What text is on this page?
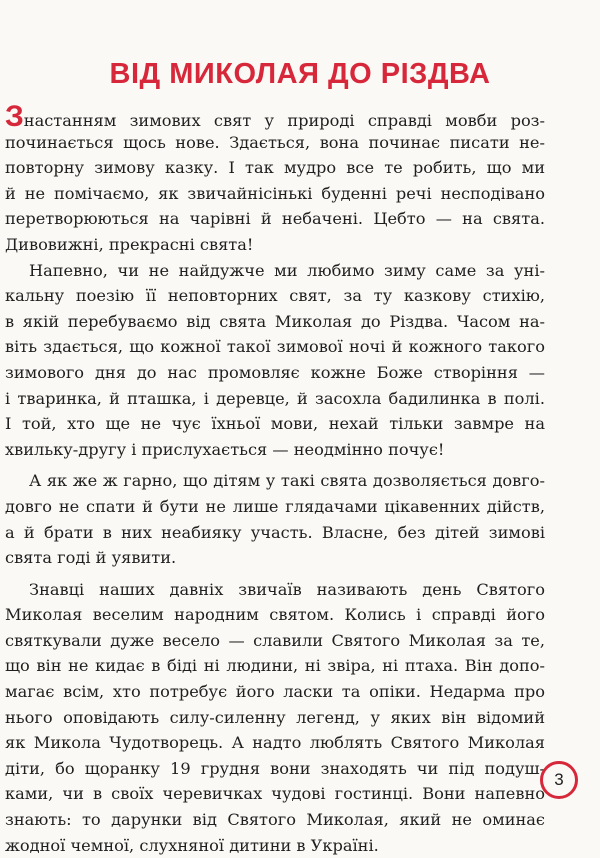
ВІД МИКОЛАЯ ДО РІЗДВА
Знастанням зимових свят у природі справді мовби роз-
починається щось нове. Здається, вона починає писати не-
повторну зимову казку. І так мудро все те робить, що ми
й не помічаємо, як звичайнісінькі буденні речі несподівано
перетворюються на чарівні й небачені. Цебто — на свята.
Дивовижні, прекрасні свята!
Напевно, чи не найдужче ми любимо зиму саме за уні-
кальну поезію її неповторних свят, за ту казкову стихію,
в якій перебуваємо від свята Миколая до Різдва. Часом на-
віть здається, що кожної такої зимової ночі й кожного такого
зимового дня до нас промовляє кожне Боже створіння —
і тваринка, й пташка, і деревце, й засохла бадилинка в полі.
І той, хто ще не чує їхньої мови, нехай тільки завмре на
хвильку-другу і прислухається — неодмінно почує!
А як же ж гарно, що дітям у такі свята дозволяється довго-
довго не спати й бути не лише глядачами цікавенних дійств,
а й брати в них неабияку участь. Власне, без дітей зимові
свята годі й уявити.
Знавці наших давніх звичаїв називають день Святого
Миколая веселим народним святом. Колись і справді його
святкували дуже весело — славили Святого Миколая за те,
що він не кидає в біді ні людини, ні звіра, ні птаха. Він допо-
магає всім, хто потребує його ласки та опіки. Недарма про
нього оповідають силу-силенну легенд, у яких він відомий
як Микола Чудотворець. А надто люблять Святого Миколая
діти, бо щоранку 19 грудня вони знаходять чи під подуш-
ками, чи в своїх черевичках чудові гостинці. Вони напевно
знають: то дарунки від Святого Миколая, який не оминає
жодної чемної, слухняної дитини в Україні.
3
